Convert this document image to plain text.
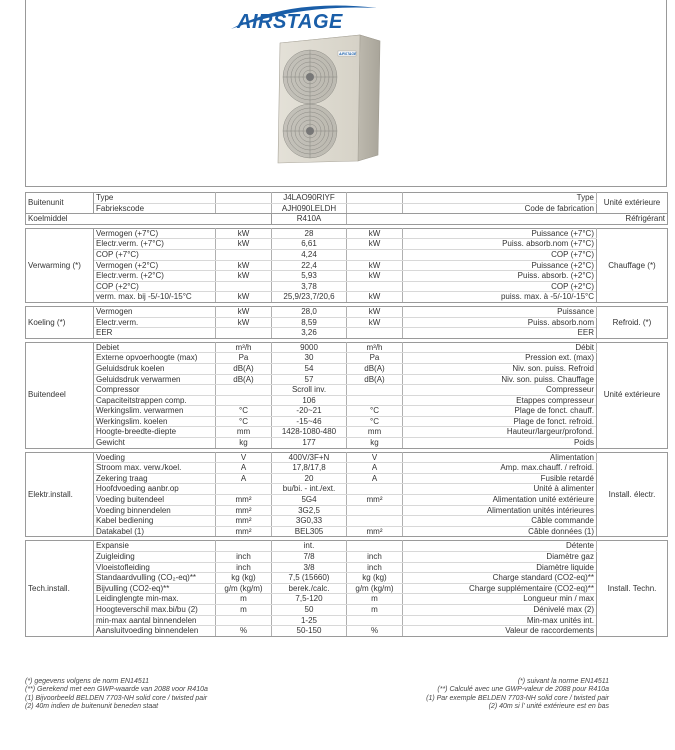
AIRSTAGE
AIRSTAGE
Buitenunit	Type		J4LAO90RIYF		Type	Unité extérieure
	Fabriekscode		AJH090LELDH		Code de fabrication	
Koelmiddel			R410A	Réfrigérant		

Verwarming (*)	Vermogen (+7°C)	kW	28	kW	Puissance (+7°C)	Chauffage (*)
	Electr.verm. (+7°C)	kW	6,61	kW	Puiss. absorb.nom (+7°C)	
	COP (+7°C)		4,24		COP (+7°C)	
	Vermogen (+2°C)	kW	22,4	kW	Puissance (+2°C)	
	Electr.verm. (+2°C)	kW	5,93	kW	Puiss. absorb. (+2°C)	
	COP (+2°C)		3,78		COP (+2°C)	
	verm. max. bij -5/-10/-15°C	kW	25,9/23,7/20,6	kW	puiss. max. à -5/-10/-15°C	

Koeling (*)	Vermogen	kW	28,0	kW	Puissance	Refroid. (*)
	Electr.verm.	kW	8,59	kW	Puiss. absorb.nom	
	EER		3,26		EER	

Buitendeel	Debiet	m³/h	9000	m³/h	Débit	Unité extérieure
	Externe opvoerhoogte (max)	Pa	30	Pa	Pression ext. (max)	
	Geluidsdruk koelen	dB(A)	54	dB(A)	Niv. son. puiss. Refroid	
	Geluidsdruk verwarmen	dB(A)	57	dB(A)	Niv. son. puiss. Chauffage	
	Compressor		Scroll inv.		Compresseur	
	Capaciteitstrappen comp.		106		Etappes compresseur	
	Werkingslim. verwarmen	°C	-20~21	°C	Plage de fonct. chauff.	
	Werkingslim. koelen	°C	-15~46	°C	Plage de fonct. refroid.	
	Hoogte-breedte-diepte	mm	1428-1080-480	mm	Hauteur/largeur/profond.	
	Gewicht	kg	177	kg	Poids	

Elektr.install.	Voeding	V	400V/3F+N	V	Alimentation	Install. électr.
	Stroom max. verw./koel.	A	17,8/17,8	A	Amp. max.chauff. / refroid.	
	Zekering traag	A	20	A	Fusible retardé	
	Hoofdvoeding aanbr.op		bu/bi. - int./ext.		Unité à alimenter	
	Voeding buitendeel	mm²	5G4	mm²	Alimentation unité extérieure	
	Voeding binnendelen	mm²	3G2,5		Alimentation unités intérieures	
	Kabel bediening	mm²	3G0,33		Câble commande	
	Datakabel (1)	mm²	BEL305	mm²	Câble données (1)	

Tech.install.	Expansie		int.		Détente	Install. Techn.
	Zuigleiding	inch	7/8	inch	Diamètre gaz	
	Vloeistofleiding	inch	3/8	inch	Diamètre liquide	
	Standaardvulling (CO₂-eq)**	kg (kg)	7,5 (15660)	kg (kg)	Charge standard (CO2-eq)**	
	Bijvulling (CO2-eq)**	g/m (kg/m)	berek./calc.	g/m (kg/m)	Charge supplémentaire (CO2-eq)**	
	Leidinglengte min-max.	m	7,5-120	m	Longueur min / max	
	Hoogteverschil max.bi/bu (2)	m	50	m	Dénivelé max (2)	
	min-max aantal binnendelen		1-25		Min-max unités int.	
	Aansluitvoeding binnendelen	%	50-150	%	Valeur de raccordements	
(*) gegevens volgens de norm EN14511	(*) suivant la norme EN14511
(**) Gerekend met een GWP-waarde van 2088 voor R410a	(**) Calculé avec une GWP-valeur de 2088 pour R410a
(1) Bijvoorbeeld BELDEN 7703-NH solid core / twisted pair	(1) Par exemple BELDEN 7703-NH solid core / twisted pair
(2) 40m indien de buitenunit beneden staat	(2) 40m si l' unité extérieure est en bas
